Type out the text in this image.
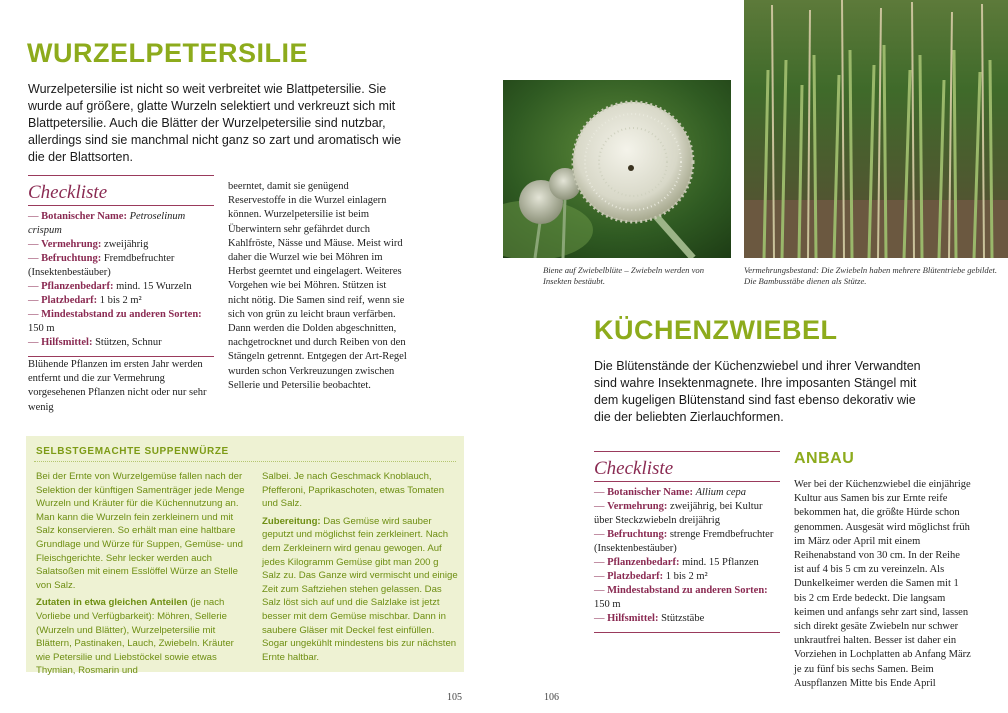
WURZELPETERSILIE
Wurzelpetersilie ist nicht so weit verbreitet wie Blattpetersilie. Sie wurde auf größere, glatte Wurzeln selektiert und verkreuzt sich mit Blattpetersilie. Auch die Blätter der Wurzelpetersilie sind nutzbar, allerdings sind sie manchmal nicht ganz so zart und aromatisch wie die der Blattsorten.
Checkliste
— Botanischer Name: Petroselinum crispum
— Vermehrung: zweijährig
— Befruchtung: Fremdbefruchter (Insektenbestäuber)
— Pflanzenbedarf: mind. 15 Wurzeln
— Platzbedarf: 1 bis 2 m²
— Mindestabstand zu anderen Sorten: 150 m
— Hilfsmittel: Stützen, Schnur
Blühende Pflanzen im ersten Jahr werden entfernt und die zur Vermehrung vorgesehenen Pflanzen nicht oder nur sehr wenig
beerntet, damit sie genügend Reservestoffe in die Wurzel einlagern können. Wurzelpetersilie ist beim Überwintern sehr gefährdet durch Kahlfröste, Nässe und Mäuse. Meist wird daher die Wurzel wie bei Möhren im Herbst geerntet und eingelagert. Weiteres Vorgehen wie bei Möhren. Stützen ist nicht nötig. Die Samen sind reif, wenn sie sich von grün zu leicht braun verfärben. Dann werden die Dolden abgeschnitten, nachgetrocknet und durch Reiben von den Stängeln getrennt. Entgegen der Art-Regel wurden schon Verkreuzungen zwischen Sellerie und Petersilie beobachtet.
SELBSTGEMACHTE SUPPENWÜRZE
Bei der Ernte von Wurzelgemüse fallen nach der Selektion der künftigen Samenträger jede Menge Wurzeln und Kräuter für die Küchennutzung an. Man kann die Wurzeln fein zerkleinern und mit Salz konservieren. So erhält man eine haltbare Grundlage und Würze für Suppen, Gemüse- und Fleischgerichte. Sehr lecker werden auch Salatsoßen mit einem Esslöffel Würze an Stelle von Salz.
Zutaten in etwa gleichen Anteilen (je nach Vorliebe und Verfügbarkeit): Möhren, Sellerie (Wurzeln und Blätter), Wurzelpetersilie mit Blättern, Pastinaken, Lauch, Zwiebeln. Kräuter wie Petersilie und Liebstöckel sowie etwas Thymian, Rosmarin und
Salbei. Je nach Geschmack Knoblauch, Pfefferoni, Paprikaschoten, etwas Tomaten und Salz.
Zubereitung: Das Gemüse wird sauber geputzt und möglichst fein zerkleinert. Nach dem Zerkleinern wird genau gewogen. Auf jedes Kilogramm Gemüse gibt man 200 g Salz zu. Das Ganze wird vermischt und einige Zeit zum Saftziehen stehen gelassen. Das Salz löst sich auf und die Salzlake ist jetzt besser mit dem Gemüse mischbar. Dann in saubere Gläser mit Deckel fest einfüllen. Sogar ungekühlt mindestens bis zur nächsten Ernte haltbar.
105
Biene auf Zwiebelblüte – Zwiebeln werden von Insekten bestäubt.
Vermehrungsbestand: Die Zwiebeln haben mehrere Blütentriebe gebildet. Die Bambusstäbe dienen als Stütze.
KÜCHENZWIEBEL
Die Blütenstände der Küchenzwiebel und ihrer Verwandten sind wahre Insektenmagnete. Ihre imposanten Stängel mit dem kugeligen Blütenstand sind fast ebenso dekorativ wie die der beliebten Zierlauchformen.
Checkliste
— Botanischer Name: Allium cepa
— Vermehrung: zweijährig, bei Kultur über Steckzwiebeln dreijährig
— Befruchtung: strenge Fremdbefruchter (Insektenbestäuber)
— Pflanzenbedarf: mind. 15 Pflanzen
— Platzbedarf: 1 bis 2 m²
— Mindestabstand zu anderen Sorten: 150 m
— Hilfsmittel: Stützstäbe
ANBAU
Wer bei der Küchenzwiebel die einjährige Kultur aus Samen bis zur Ernte reife bekommen hat, die größte Hürde schon genommen. Ausgesät wird möglichst früh im März oder April mit einem Reihenabstand von 30 cm. In der Reihe ist auf 4 bis 5 cm zu vereinzeln. Als Dunkelkeimer werden die Samen mit 1 bis 2 cm Erde bedeckt. Die langsam keimen und anfangs sehr zart sind, lassen sich direkt gesäte Zwiebeln nur schwer unkrautfrei halten. Besser ist daher ein Vorziehen in Lochplatten ab Anfang März je zu fünf bis sechs Samen. Beim Auspflanzen Mitte bis Ende April
106
